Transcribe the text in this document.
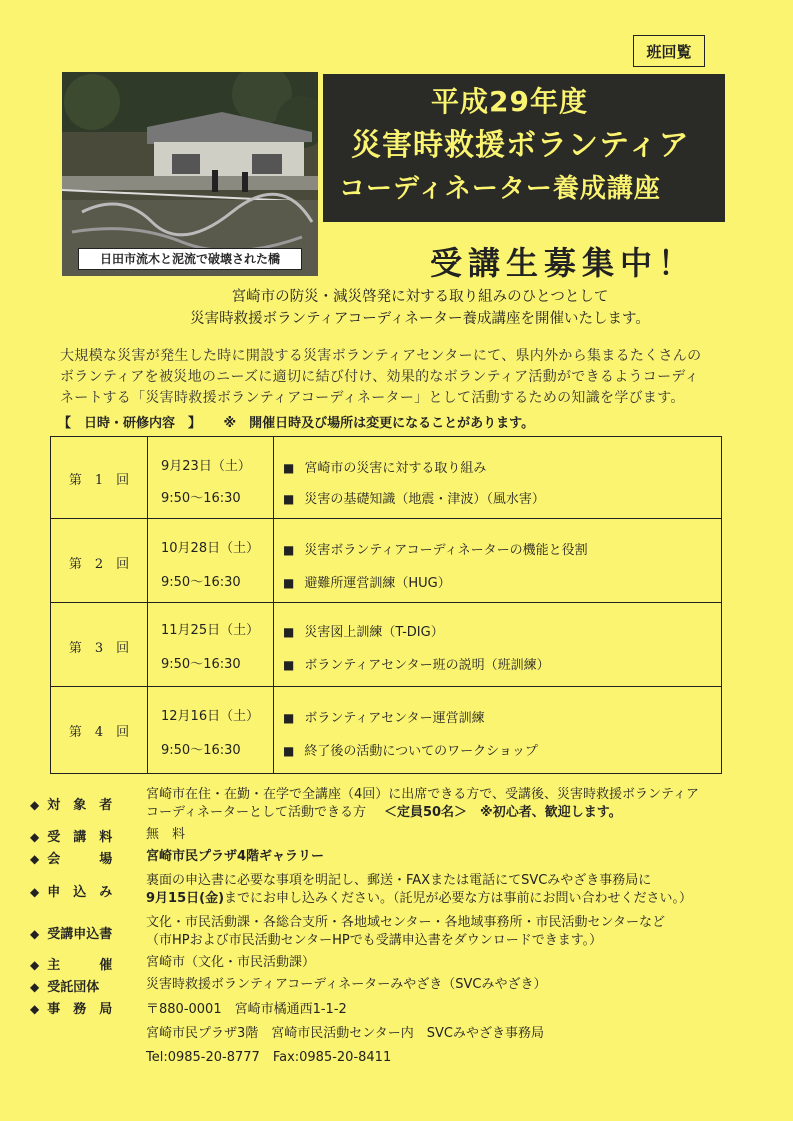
班回覧
日田市流木と泥流で破壊された橋
平成29年度
災害時救援ボランティア
コーディネーター養成講座
受講生募集中！
宮崎市の防災・減災啓発に対する取り組みのひとつとして
災害時救援ボランティアコーディネーター養成講座を開催いたします。
大規模な災害が発生した時に開設する災害ボランティアセンターにて、県内外から集まるたくさんの
ボランティアを被災地のニーズに適切に結び付け、効果的なボランティア活動ができるようコーディ
ネートする「災害時救援ボランティアコーディネーター」として活動するための知識を学びます。
【　日時・研修内容　】 ※　開催日時及び場所は変更になることがあります。
第　1　回
9月23日（土）
9:50〜16:30
■ 宮崎市の災害に対する取り組み
■ 災害の基礎知識（地震・津波）（風水害）
第　2　回
10月28日（土）
9:50〜16:30
■ 災害ボランティアコーディネーターの機能と役割
■ 避難所運営訓練（HUG）
第　3　回
11月25日（土）
9:50〜16:30
■ 災害図上訓練（T-DIG）
■ ボランティアセンター班の説明（班訓練）
第　4　回
12月16日（土）
9:50〜16:30
■ ボランティアセンター運営訓練
■ 終了後の活動についてのワークショップ
◆ 対　象　者
宮崎市在住・在勤・在学で全講座（4回）に出席できる方で、受講後、災害時救援ボランティア
コーディネーターとして活動できる方 ＜定員50名＞　※初心者、歓迎します。
◆ 受　講　料	無　料
◆ 会　　　場	宮崎市民プラザ4階ギャラリー
◆ 申　込　み
裏面の申込書に必要な事項を明記し、郵送・FAXまたは電話にてSVCみやざき事務局に
9月15日(金)までにお申し込みください。（託児が必要な方は事前にお問い合わせください。）
◆ 受講申込書
文化・市民活動課・各総合支所・各地域センター・各地域事務所・市民活動センターなど
（市HPおよび市民活動センターHPでも受講申込書をダウンロードできます。）
◆ 主　　　催	宮崎市（文化・市民活動課）
◆ 受託団体	災害時救援ボランティアコーディネーターみやざき（SVCみやざき）
◆ 事　務　局	〒880-0001　宮崎市橘通西1-1-2
宮崎市民プラザ3階　宮崎市民活動センター内　SVCみやざき事務局
Tel:0985-20-8777　Fax:0985-20-8411
